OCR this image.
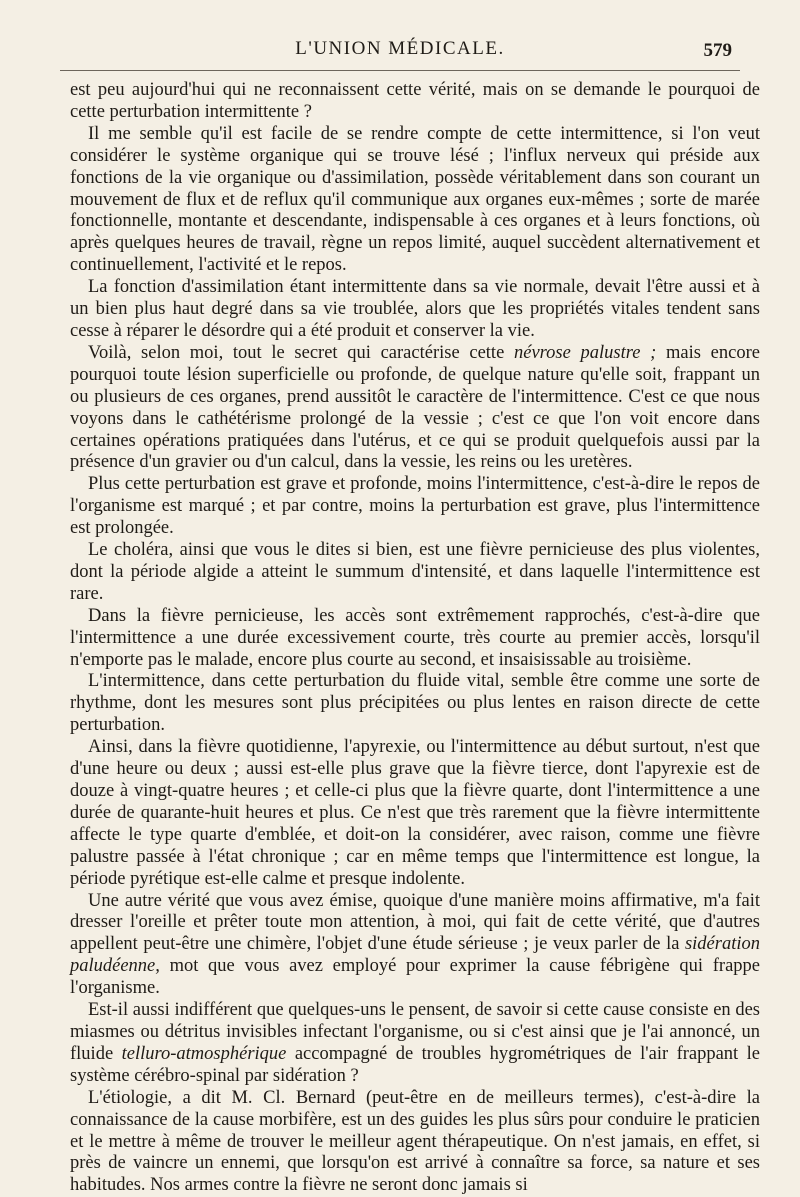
L'UNION MÉDICALE.	579

est peu aujourd'hui qui ne reconnaissent cette vérité, mais on se demande le pourquoi de cette perturbation intermittente ?

Il me semble qu'il est facile de se rendre compte de cette intermittence, si l'on veut considérer le système organique qui se trouve lésé ; l'influx nerveux qui préside aux fonctions de la vie organique ou d'assimilation, possède véritablement dans son courant un mouvement de flux et de reflux qu'il communique aux organes eux-mêmes ; sorte de marée fonctionnelle, montante et descendante, indispensable à ces organes et à leurs fonctions, où après quelques heures de travail, règne un repos limité, auquel succèdent alternativement et continuellement, l'activité et le repos.

La fonction d'assimilation étant intermittente dans sa vie normale, devait l'être aussi et à un bien plus haut degré dans sa vie troublée, alors que les propriétés vitales tendent sans cesse à réparer le désordre qui a été produit et conserver la vie.

Voilà, selon moi, tout le secret qui caractérise cette névrose palustre ; mais encore pourquoi toute lésion superficielle ou profonde, de quelque nature qu'elle soit, frappant un ou plusieurs de ces organes, prend aussitôt le caractère de l'intermittence. C'est ce que nous voyons dans le cathétérisme prolongé de la vessie ; c'est ce que l'on voit encore dans certaines opérations pratiquées dans l'utérus, et ce qui se produit quelquefois aussi par la présence d'un gravier ou d'un calcul, dans la vessie, les reins ou les uretères.

Plus cette perturbation est grave et profonde, moins l'intermittence, c'est-à-dire le repos de l'organisme est marqué ; et par contre, moins la perturbation est grave, plus l'intermittence est prolongée.

Le choléra, ainsi que vous le dites si bien, est une fièvre pernicieuse des plus violentes, dont la période algide a atteint le summum d'intensité, et dans laquelle l'intermittence est rare.

Dans la fièvre pernicieuse, les accès sont extrêmement rapprochés, c'est-à-dire que l'intermittence a une durée excessivement courte, très courte au premier accès, lorsqu'il n'emporte pas le malade, encore plus courte au second, et insaisissable au troisième.

L'intermittence, dans cette perturbation du fluide vital, semble être comme une sorte de rhythme, dont les mesures sont plus précipitées ou plus lentes en raison directe de cette perturbation.

Ainsi, dans la fièvre quotidienne, l'apyrexie, ou l'intermittence au début surtout, n'est que d'une heure ou deux ; aussi est-elle plus grave que la fièvre tierce, dont l'apyrexie est de douze à vingt-quatre heures ; et celle-ci plus que la fièvre quarte, dont l'intermittence a une durée de quarante-huit heures et plus. Ce n'est que très rarement que la fièvre intermittente affecte le type quarte d'emblée, et doit-on la considérer, avec raison, comme une fièvre palustre passée à l'état chronique ; car en même temps que l'intermittence est longue, la période pyrétique est-elle calme et presque indolente.

Une autre vérité que vous avez émise, quoique d'une manière moins affirmative, m'a fait dresser l'oreille et prêter toute mon attention, à moi, qui fait de cette vérité, que d'autres appellent peut-être une chimère, l'objet d'une étude sérieuse ; je veux parler de la sidération paludéenne, mot que vous avez employé pour exprimer la cause fébrigène qui frappe l'organisme.

Est-il aussi indifférent que quelques-uns le pensent, de savoir si cette cause consiste en des miasmes ou détritus invisibles infectant l'organisme, ou si c'est ainsi que je l'ai annoncé, un fluide telluro-atmosphérique accompagné de troubles hygrométriques de l'air frappant le système cérébro-spinal par sidération ?

L'étiologie, a dit M. Cl. Bernard (peut-être en de meilleurs termes), c'est-à-dire la connaissance de la cause morbifère, est un des guides les plus sûrs pour conduire le praticien et le mettre à même de trouver le meilleur agent thérapeutique. On n'est jamais, en effet, si près de vaincre un ennemi, que lorsqu'on est arrivé à connaître sa force, sa nature et ses habitudes. Nos armes contre la fièvre ne seront donc jamais si
